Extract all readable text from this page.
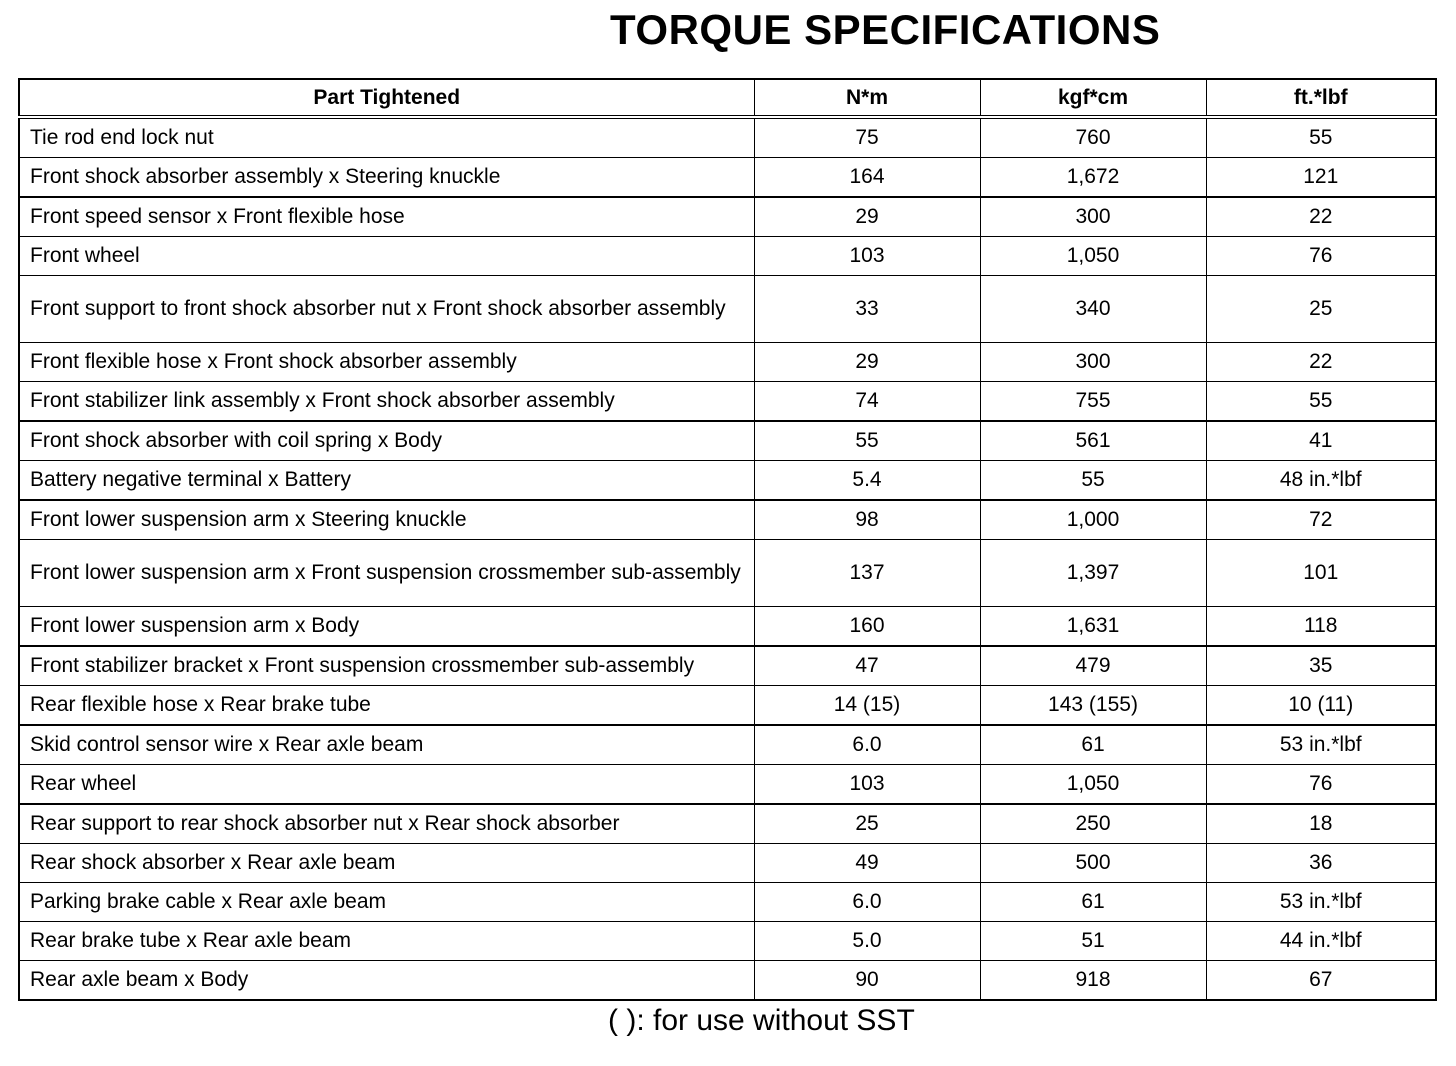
TORQUE SPECIFICATIONS
Part Tightened	N*m	kgf*cm	ft.*lbf
Tie rod end lock nut	75	760	55
Front shock absorber assembly x Steering knuckle	164	1,672	121
Front speed sensor x Front flexible hose	29	300	22
Front wheel	103	1,050	76
Front support to front shock absorber nut x Front shock absorber assembly	33	340	25
Front flexible hose x Front shock absorber assembly	29	300	22
Front stabilizer link assembly x Front shock absorber assembly	74	755	55
Front shock absorber with coil spring x Body	55	561	41
Battery negative terminal x Battery	5.4	55	48 in.*lbf
Front lower suspension arm x Steering knuckle	98	1,000	72
Front lower suspension arm x Front suspension crossmember sub-assembly	137	1,397	101
Front lower suspension arm x Body	160	1,631	118
Front stabilizer bracket x Front suspension crossmember sub-assembly	47	479	35
Rear flexible hose x Rear brake tube	14 (15)	143 (155)	10 (11)
Skid control sensor wire x Rear axle beam	6.0	61	53 in.*lbf
Rear wheel	103	1,050	76
Rear support to rear shock absorber nut x Rear shock absorber	25	250	18
Rear shock absorber x Rear axle beam	49	500	36
Parking brake cable x Rear axle beam	6.0	61	53 in.*lbf
Rear brake tube x Rear axle beam	5.0	51	44 in.*lbf
Rear axle beam x Body	90	918	67

( ): for use without SST
